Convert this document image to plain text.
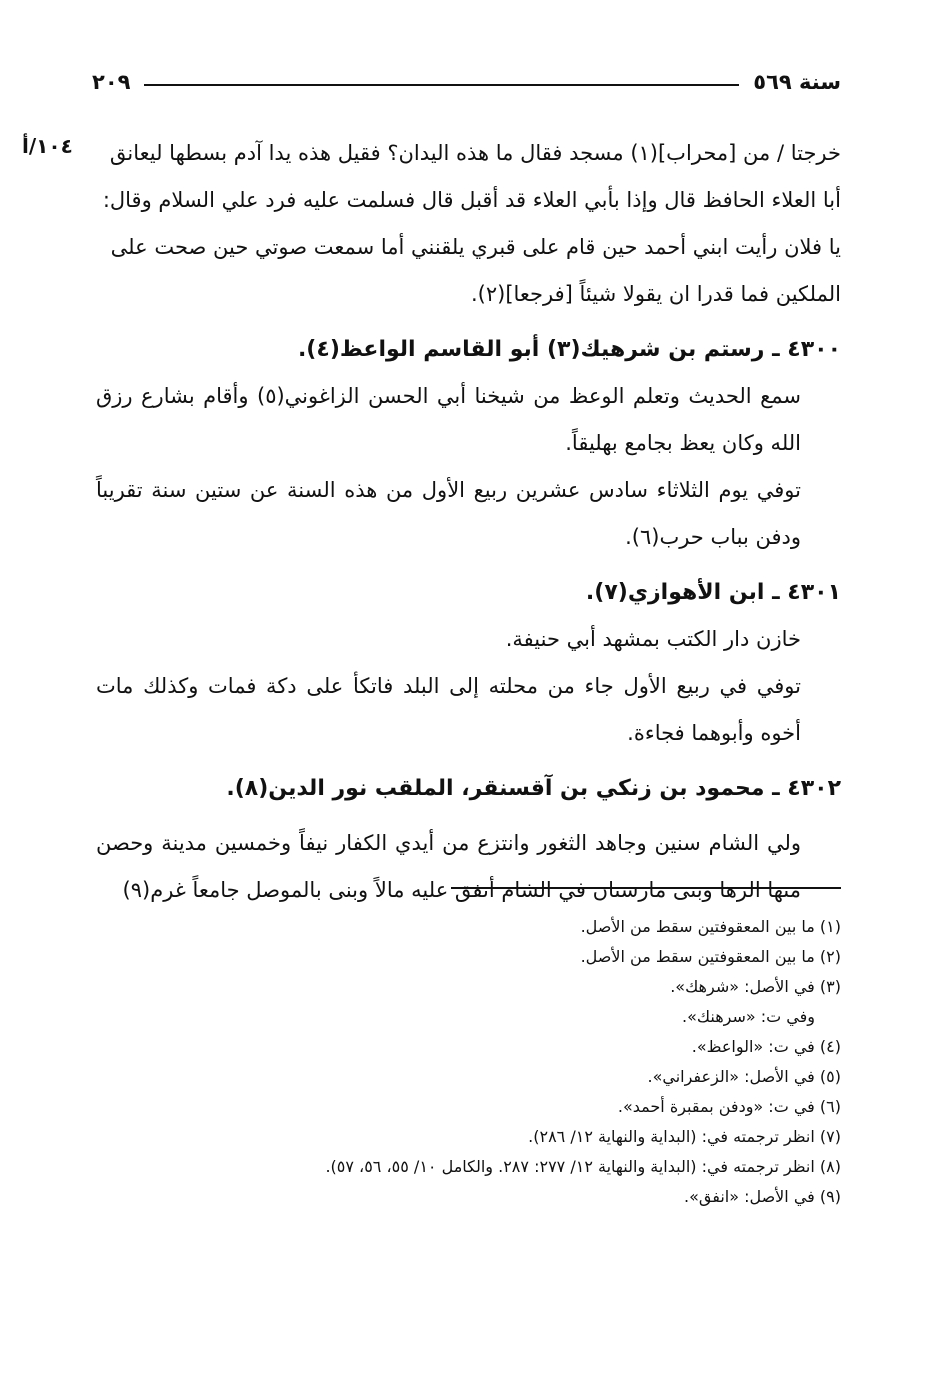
سنة ٥٦٩
٢٠٩
١٠٤/أ	خرجتا / من [محراب](١) مسجد فقال ما هذه اليدان؟ فقيل هذه يدا آدم بسطها ليعانق

أبا العلاء الحافظ قال وإذا بأبي العلاء قد أقبل قال فسلمت عليه فرد علي السلام وقال:

يا فلان رأيت ابني أحمد حين قام على قبري يلقنني أما سمعت صوتي حين صحت على

الملكين فما قدرا ان يقولا شيئاً [فرجعا](٢).

٤٣٠٠ ـ رستم بن شرهيك(٣) أبو القاسم الواعظ(٤).

سمع الحديث وتعلم الوعظ من شيخنا أبي الحسن الزاغوني(٥) وأقام بشارع رزق الله وكان يعظ بجامع بهليقاً.

توفي يوم الثلاثاء سادس عشرين ربيع الأول من هذه السنة عن ستين سنة تقريباً ودفن بباب حرب(٦).

٤٣٠١ ـ ابن الأهوازي(٧).

خازن دار الكتب بمشهد أبي حنيفة.

توفي في ربيع الأول جاء من محلته إلى البلد فاتكأ على دكة فمات وكذلك مات أخوه وأبوهما فجاءة.

٤٣٠٢ ـ محمود بن زنكي بن آقسنقر، الملقب نور الدين(٨).

ولي الشام سنين وجاهد الثغور وانتزع من أيدي الكفار نيفاً وخمسين مدينة وحصن منها الرها وبنى مارستان في الشام أنفق عليه مالاً وبنى بالموصل جامعاً غرم(٩)

(١) ما بين المعقوفتين سقط من الأصل.

(٢) ما بين المعقوفتين سقط من الأصل.

(٣) في الأصل: «شرهك».

وفي ت: «سرهنك».

(٤) في ت: «الواعظ».

(٥) في الأصل: «الزعفراني».

(٦) في ت: «ودفن بمقبرة أحمد».

(٧) انظر ترجمته في: (البداية والنهاية ١٢/ ٢٨٦).

(٨) انظر ترجمته في: (البداية والنهاية ١٢/ ٢٧٧: ٢٨٧. والكامل ١٠/ ٥٥، ٥٦، ٥٧).

(٩) في الأصل: «انفق».
